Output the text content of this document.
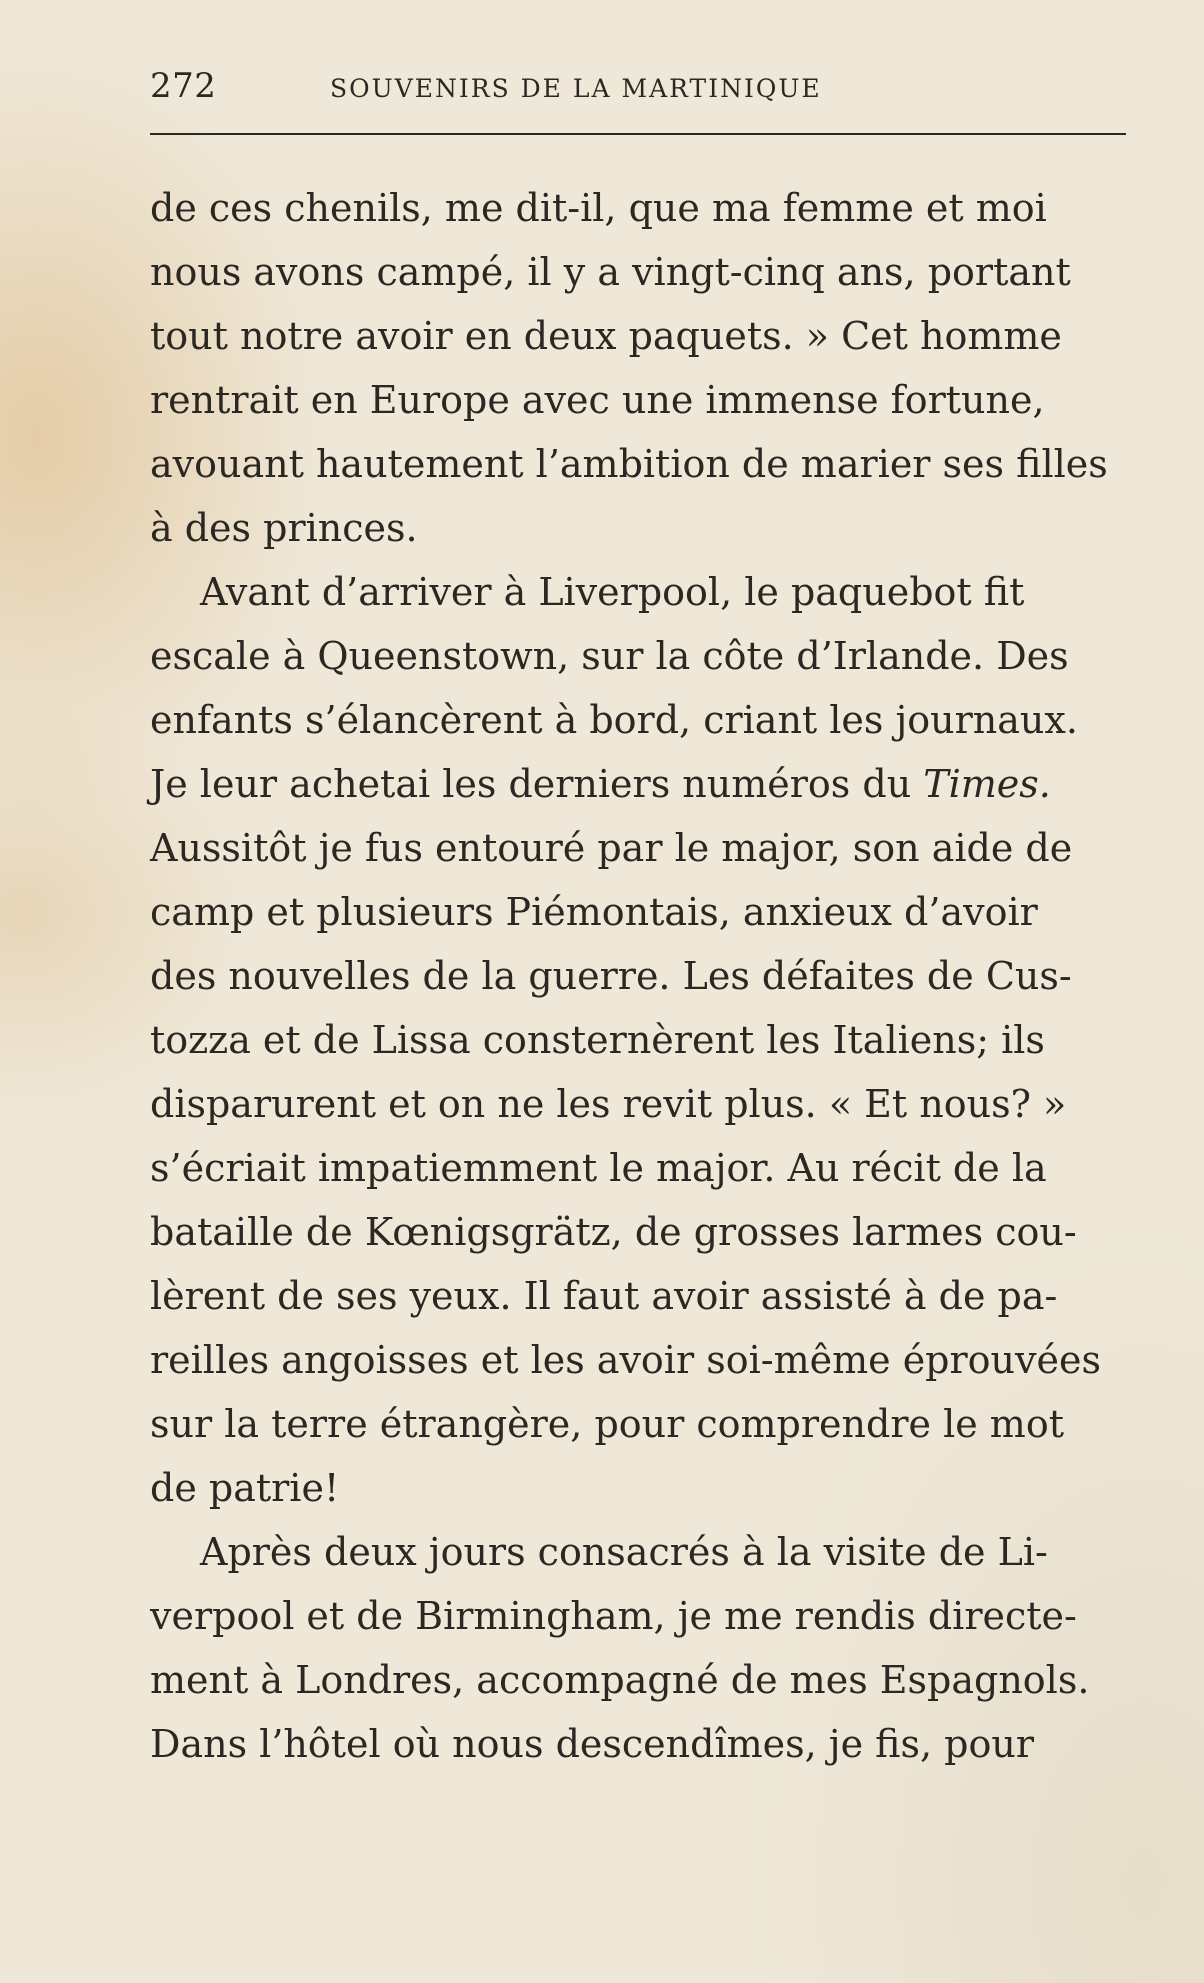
272	SOUVENIRS DE LA MARTINIQUE
de ces chenils, me dit-il, que ma femme et moi
nous avons campé, il y a vingt-cinq ans, portant
tout notre avoir en deux paquets. » Cet homme
rentrait en Europe avec une immense fortune,
avouant hautement l’ambition de marier ses filles
à des princes.
Avant d’arriver à Liverpool, le paquebot fit
escale à Queenstown, sur la côte d’Irlande. Des
enfants s’élancèrent à bord, criant les journaux.
Je leur achetai les derniers numéros du Times.
Aussitôt je fus entouré par le major, son aide de
camp et plusieurs Piémontais, anxieux d’avoir
des nouvelles de la guerre. Les défaites de Cus-
tozza et de Lissa consternèrent les Italiens; ils
disparurent et on ne les revit plus. « Et nous? »
s’écriait impatiemment le major. Au récit de la
bataille de Kœnigsgrätz, de grosses larmes cou-
lèrent de ses yeux. Il faut avoir assisté à de pa-
reilles angoisses et les avoir soi-même éprouvées
sur la terre étrangère, pour comprendre le mot
de patrie!
Après deux jours consacrés à la visite de Li-
verpool et de Birmingham, je me rendis directe-
ment à Londres, accompagné de mes Espagnols.
Dans l’hôtel où nous descendîmes, je fis, pour
